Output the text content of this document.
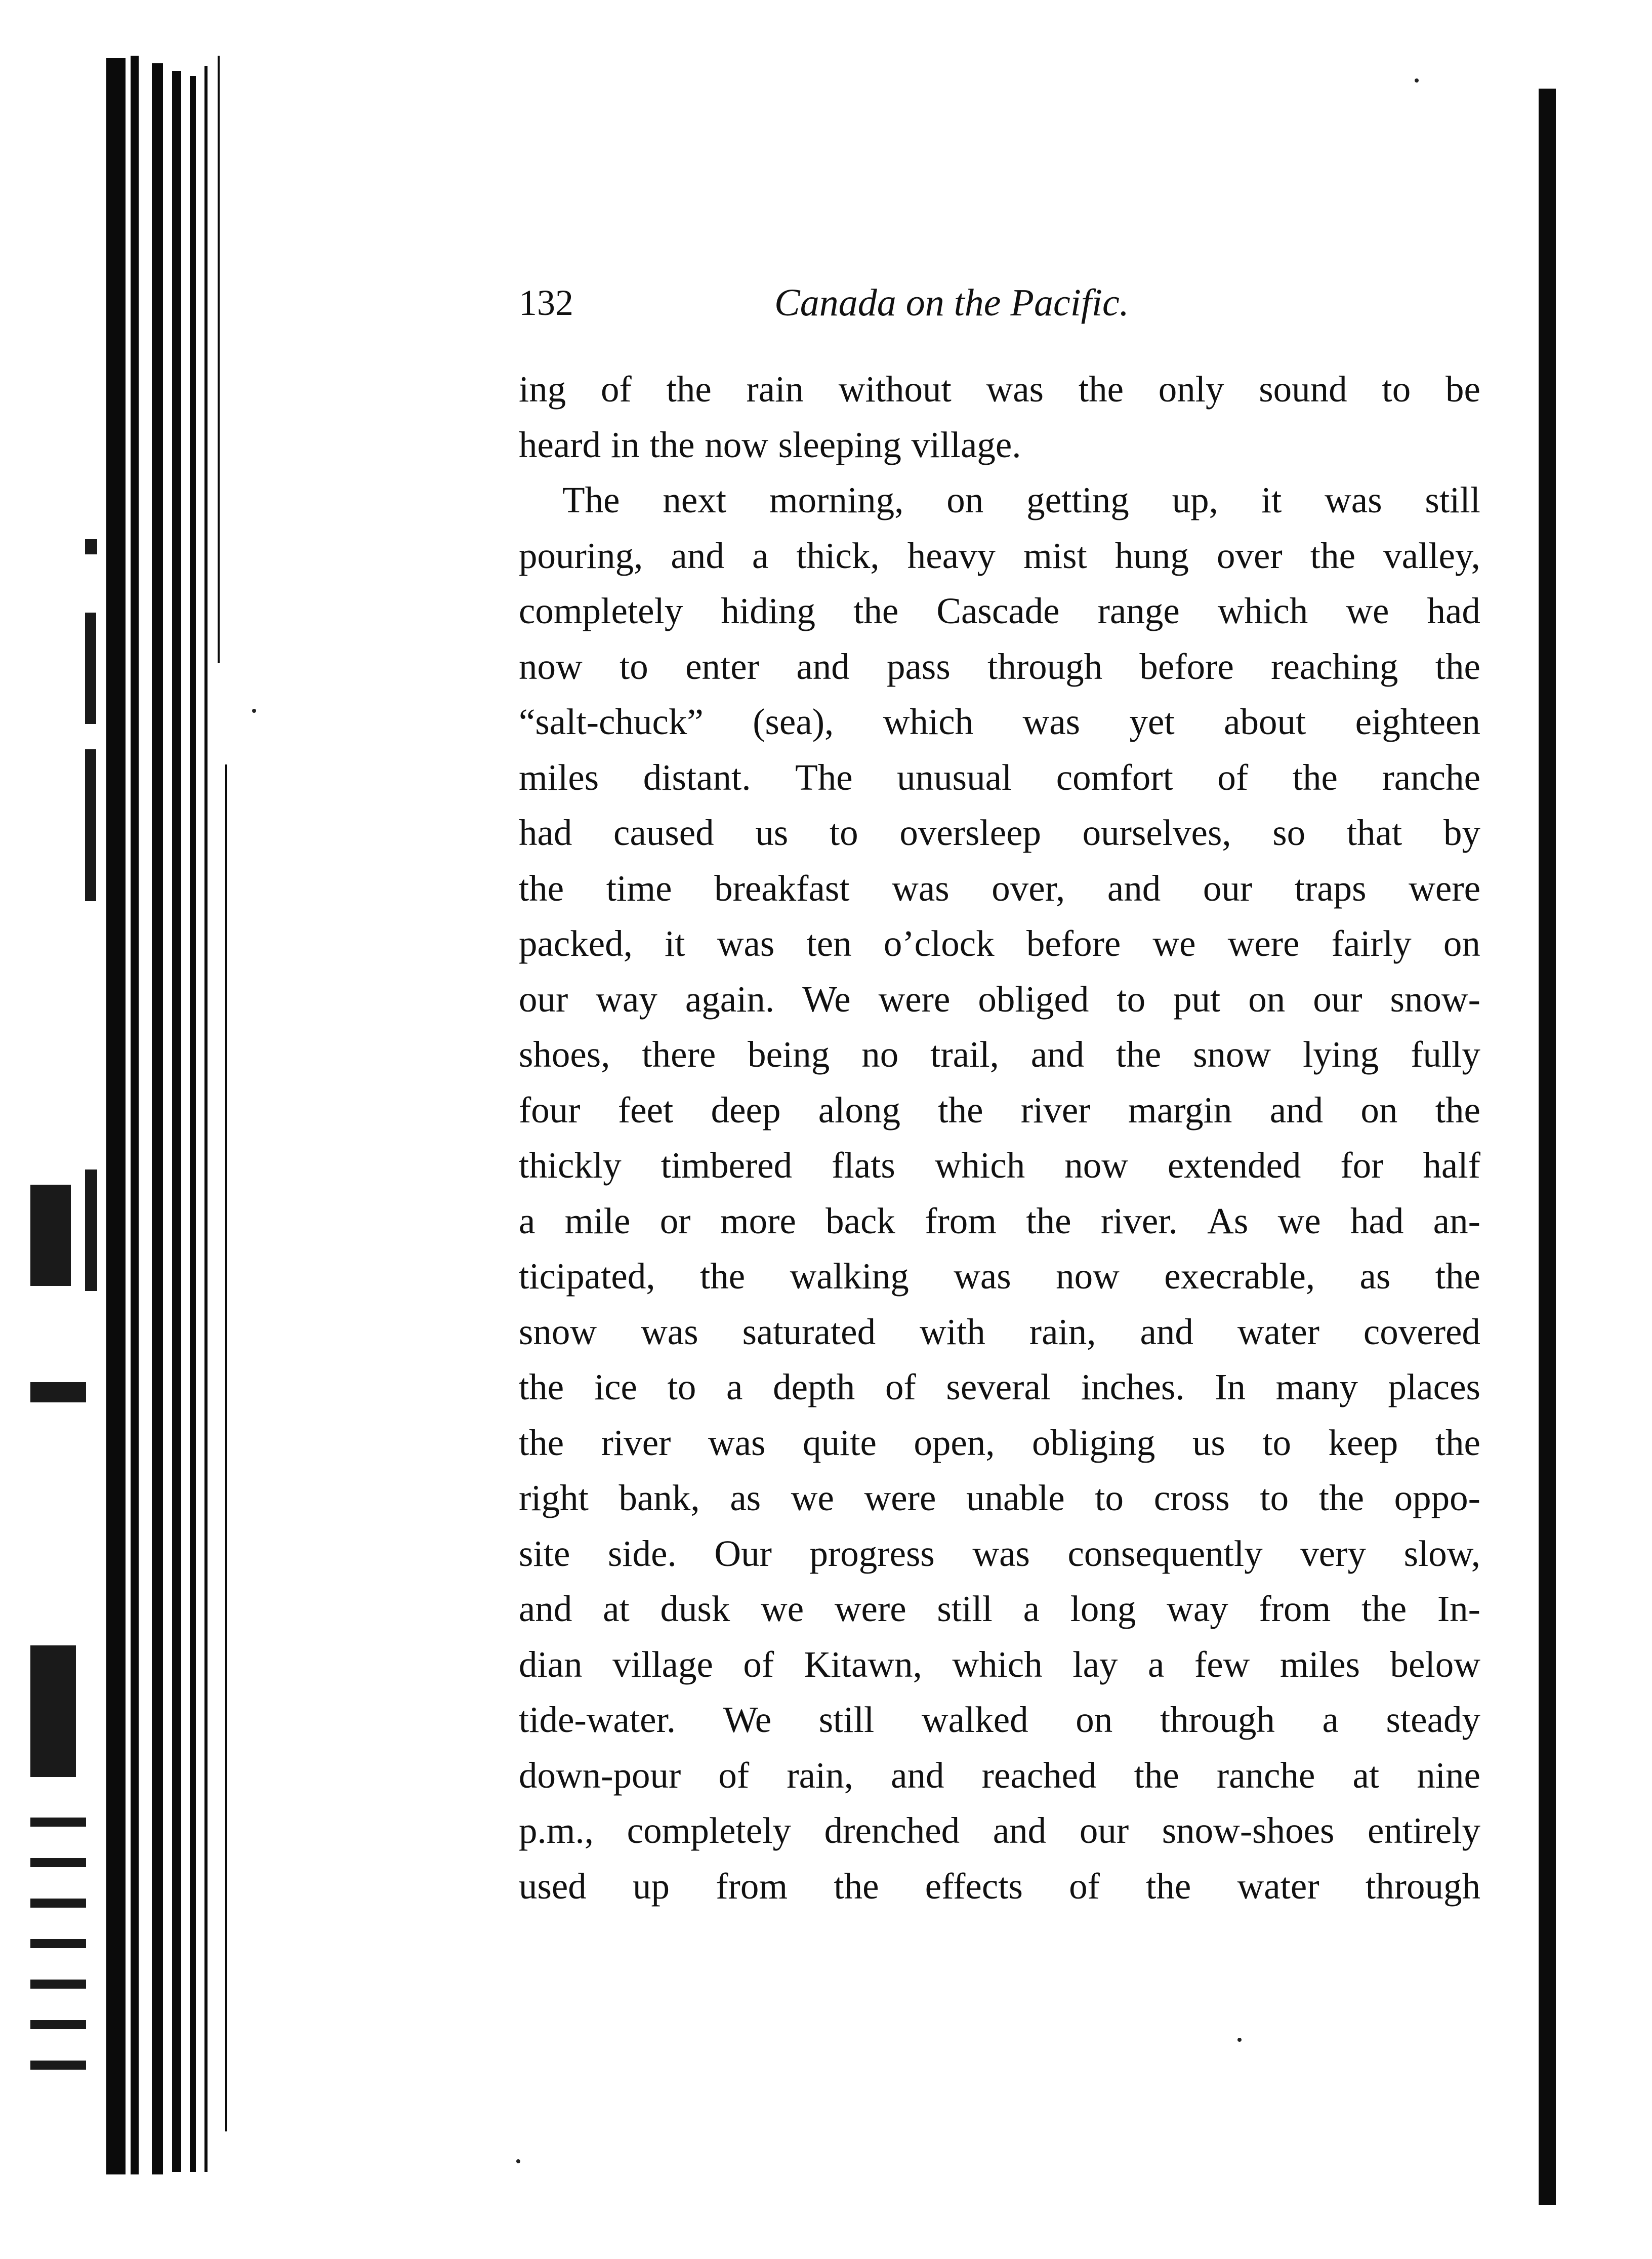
132	Canada on the Pacific.
ing of the rain without was the only sound to be
heard in the now sleeping village.
The next morning, on getting up, it was still
pouring, and a thick, heavy mist hung over the valley,
completely hiding the Cascade range which we had
now to enter and pass through before reaching the
“salt-chuck” (sea), which was yet about eighteen
miles distant. The unusual comfort of the ranche
had caused us to oversleep ourselves, so that by
the time breakfast was over, and our traps were
packed, it was ten o’clock before we were fairly on
our way again. We were obliged to put on our snow-
shoes, there being no trail, and the snow lying fully
four feet deep along the river margin and on the
thickly timbered flats which now extended for half
a mile or more back from the river. As we had an-
ticipated, the walking was now execrable, as the
snow was saturated with rain, and water covered
the ice to a depth of several inches. In many places
the river was quite open, obliging us to keep the
right bank, as we were unable to cross to the oppo-
site side. Our progress was consequently very slow,
and at dusk we were still a long way from the In-
dian village of Kitawn, which lay a few miles below
tide-water. We still walked on through a steady
down-pour of rain, and reached the ranche at nine
p.m., completely drenched and our snow-shoes entirely
used up from the effects of the water through
